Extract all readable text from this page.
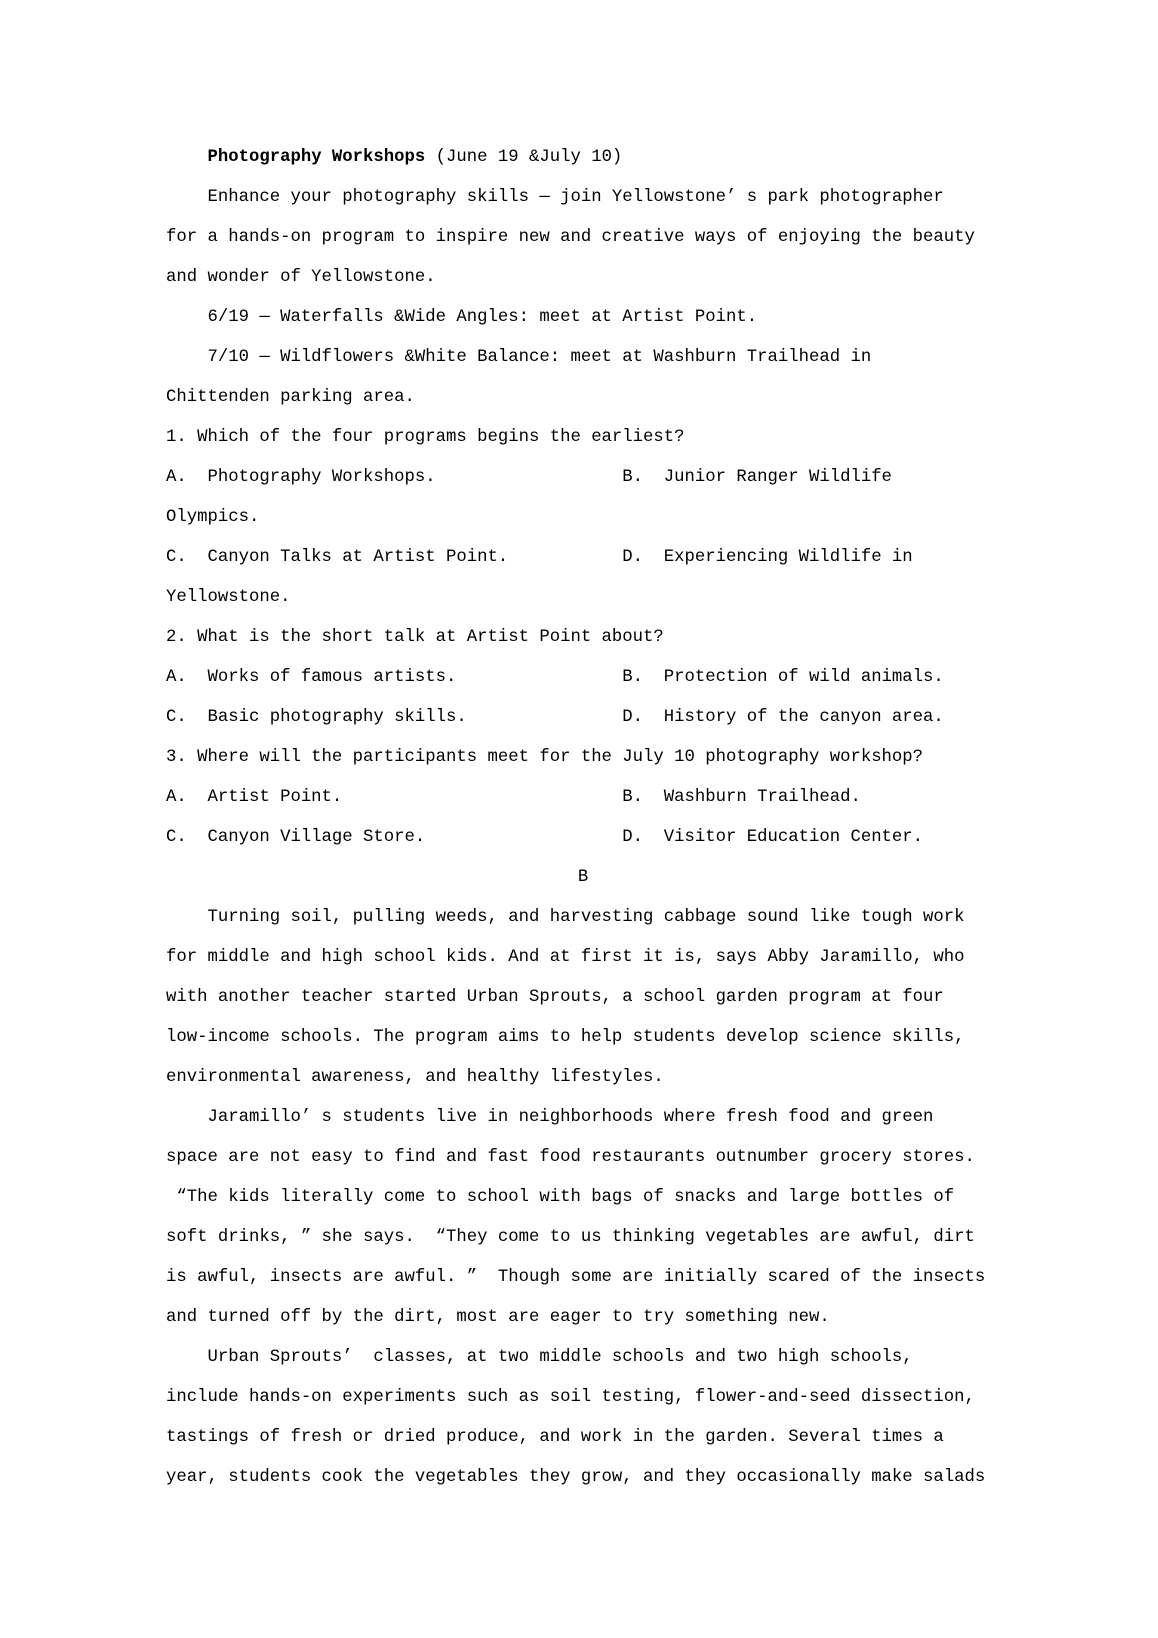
Photography Workshops (June 19 &July 10)
Enhance your photography skills — join Yellowstone’ s park photographer
for a hands-on program to inspire new and creative ways of enjoying the beauty
and wonder of Yellowstone.
6/19 — Waterfalls &Wide Angles: meet at Artist Point.
7/10 — Wildflowers &White Balance: meet at Washburn Trailhead in
Chittenden parking area.
1. Which of the four programs begins the earliest?
A.  Photography Workshops.                  B.  Junior Ranger Wildlife
Olympics.
C.  Canyon Talks at Artist Point.           D.  Experiencing Wildlife in
Yellowstone.
2. What is the short talk at Artist Point about?
A.  Works of famous artists.                B.  Protection of wild animals.
C.  Basic photography skills.               D.  History of the canyon area.
3. Where will the participants meet for the July 10 photography workshop?
A.  Artist Point.                           B.  Washburn Trailhead.
C.  Canyon Village Store.                   D.  Visitor Education Center.
B
Turning soil, pulling weeds, and harvesting cabbage sound like tough work
for middle and high school kids. And at first it is, says Abby Jaramillo, who
with another teacher started Urban Sprouts, a school garden program at four
low-income schools. The program aims to help students develop science skills,
environmental awareness, and healthy lifestyles.
Jaramillo’ s students live in neighborhoods where fresh food and green
space are not easy to find and fast food restaurants outnumber grocery stores.
“The kids literally come to school with bags of snacks and large bottles of
soft drinks, ” she says.  “They come to us thinking vegetables are awful, dirt
is awful, insects are awful. ”  Though some are initially scared of the insects
and turned off by the dirt, most are eager to try something new.
Urban Sprouts’  classes, at two middle schools and two high schools,
include hands-on experiments such as soil testing, flower-and-seed dissection,
tastings of fresh or dried produce, and work in the garden. Several times a
year, students cook the vegetables they grow, and they occasionally make salads
